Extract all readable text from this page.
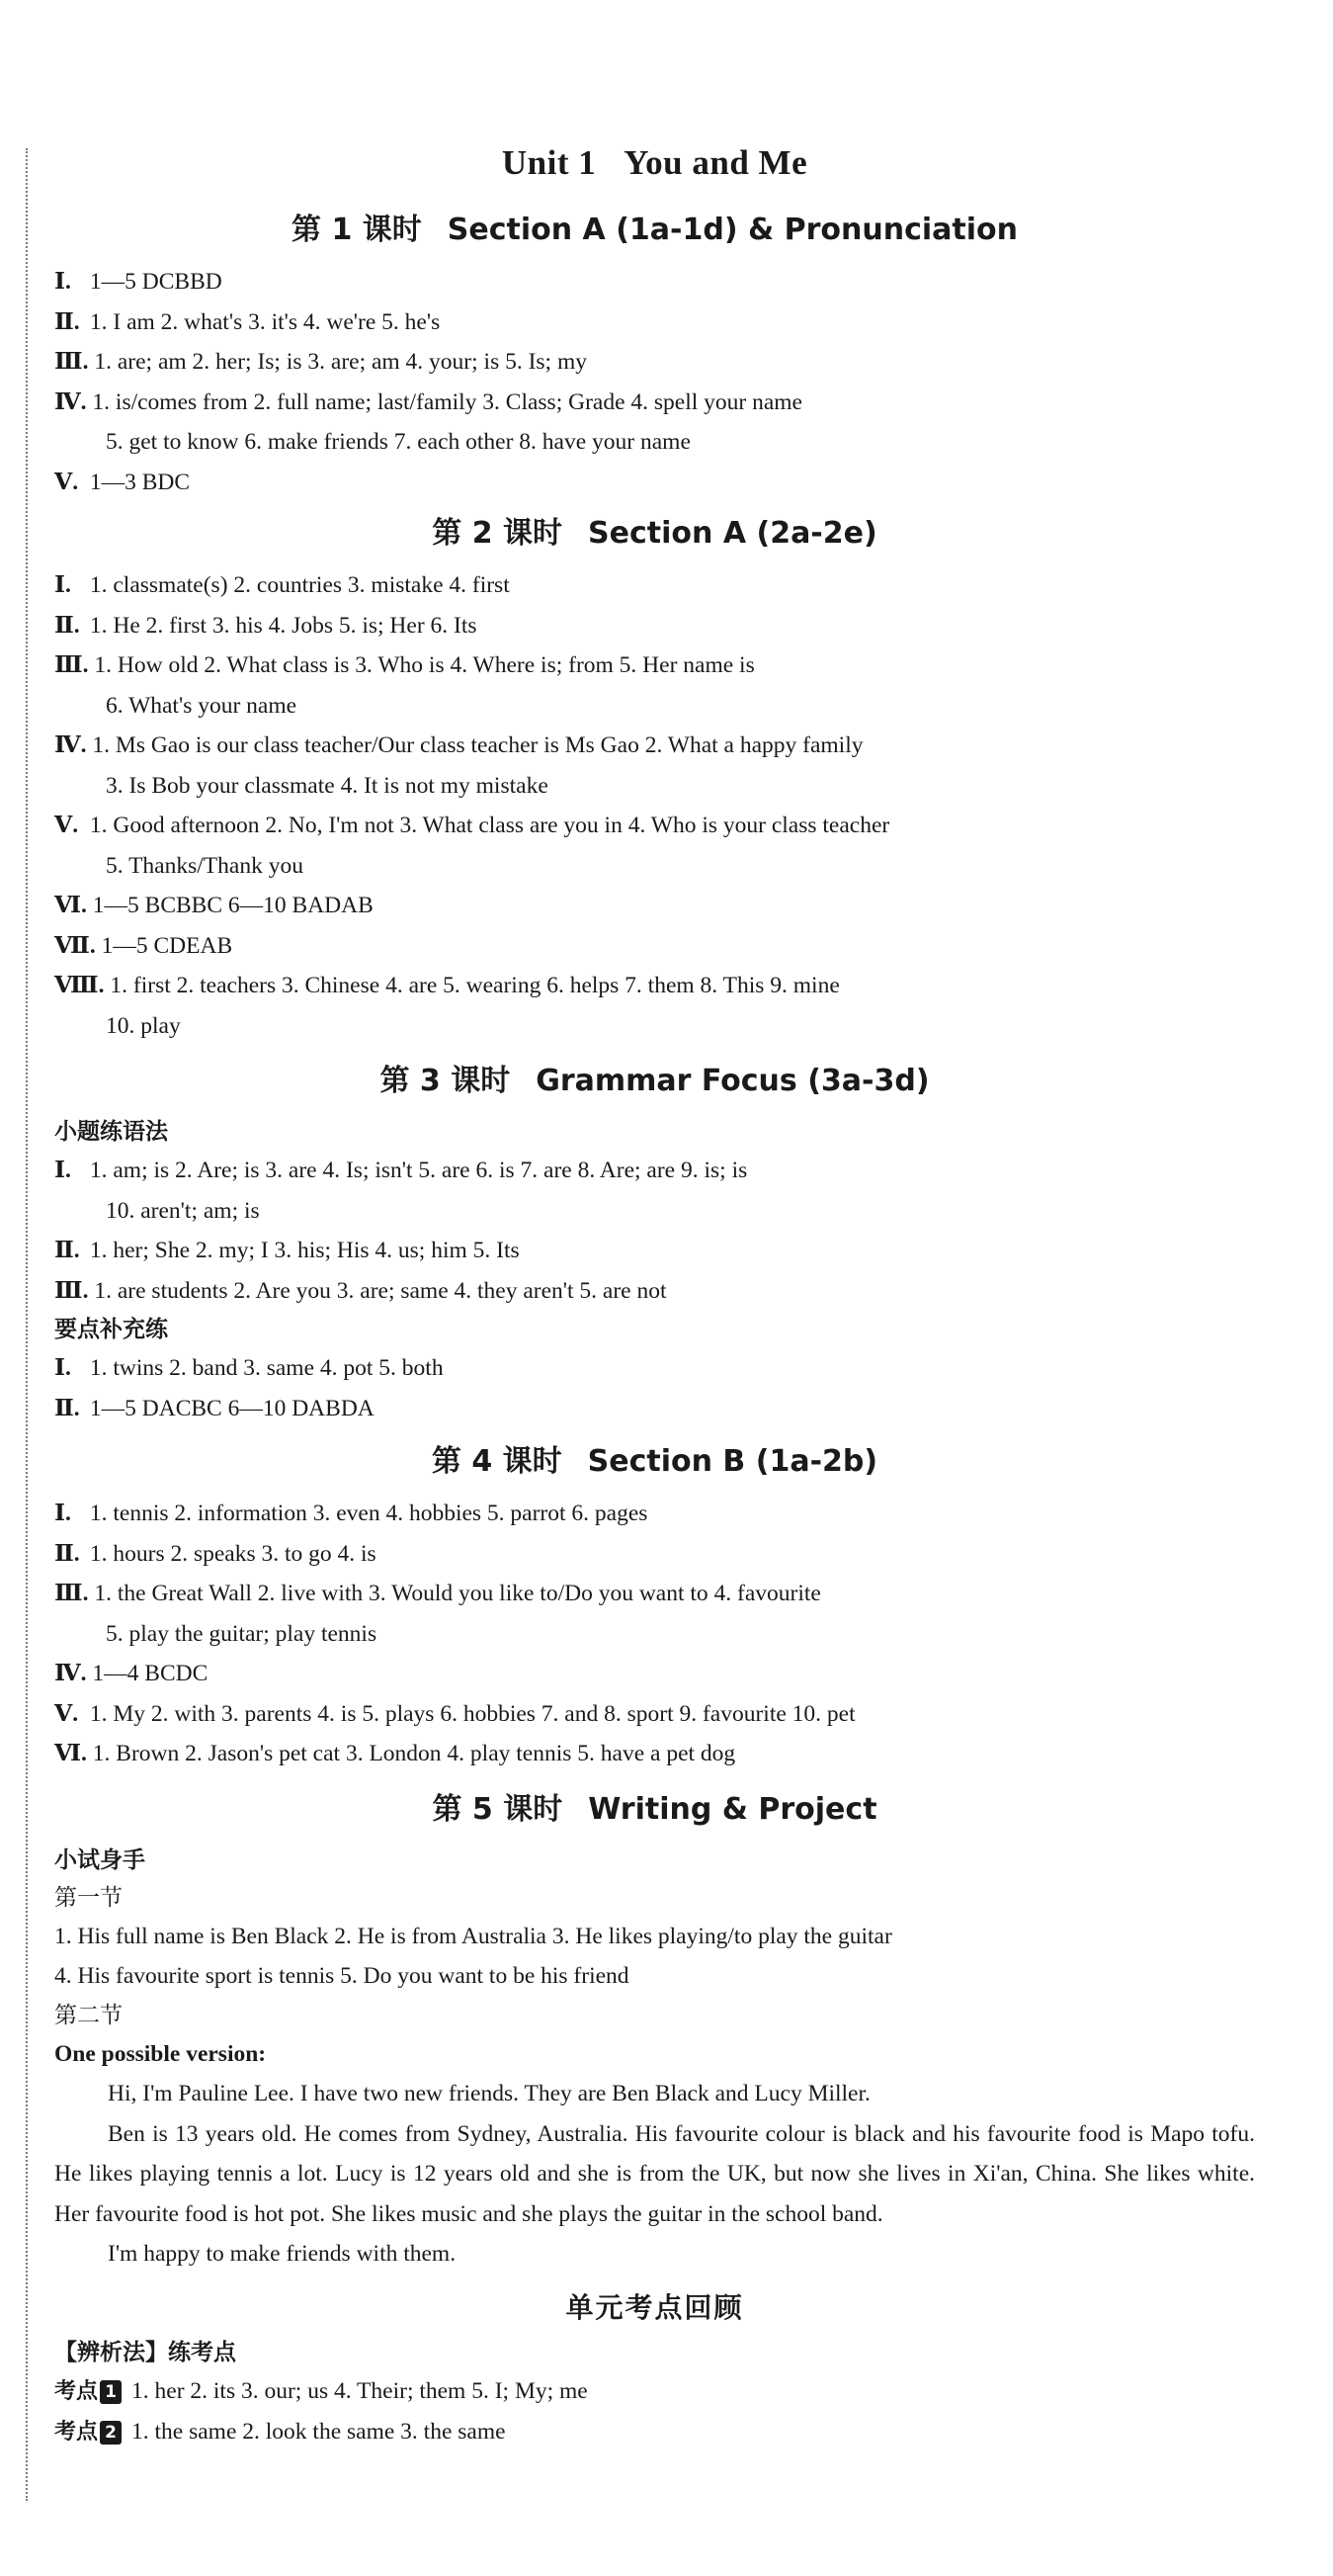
Unit 1 You and Me
第 1 课时 Section A (1a-1d) & Pronunciation
Ⅰ. 1—5 DCBBD
Ⅱ. 1. I am 2. what's 3. it's 4. we're 5. he's
Ⅲ. 1. are; am 2. her; Is; is 3. are; am 4. your; is 5. Is; my
Ⅳ. 1. is/comes from 2. full name; last/family 3. Class; Grade 4. spell your name
5. get to know 6. make friends 7. each other 8. have your name
Ⅴ. 1—3 BDC
第 2 课时 Section A (2a-2e)
Ⅰ. 1. classmate(s) 2. countries 3. mistake 4. first
Ⅱ. 1. He 2. first 3. his 4. Jobs 5. is; Her 6. Its
Ⅲ. 1. How old 2. What class is 3. Who is 4. Where is; from 5. Her name is
6. What's your name
Ⅳ. 1. Ms Gao is our class teacher/Our class teacher is Ms Gao 2. What a happy family
3. Is Bob your classmate 4. It is not my mistake
Ⅴ. 1. Good afternoon 2. No, I'm not 3. What class are you in 4. Who is your class teacher
5. Thanks/Thank you
Ⅵ. 1—5 BCBBC 6—10 BADAB
Ⅶ. 1—5 CDEAB
Ⅷ. 1. first 2. teachers 3. Chinese 4. are 5. wearing 6. helps 7. them 8. This 9. mine
10. play
第 3 课时 Grammar Focus (3a-3d)
小题练语法
Ⅰ. 1. am; is 2. Are; is 3. are 4. Is; isn't 5. are 6. is 7. are 8. Are; are 9. is; is
10. aren't; am; is
Ⅱ. 1. her; She 2. my; I 3. his; His 4. us; him 5. Its
Ⅲ. 1. are students 2. Are you 3. are; same 4. they aren't 5. are not
要点补充练
Ⅰ. 1. twins 2. band 3. same 4. pot 5. both
Ⅱ. 1—5 DACBC 6—10 DABDA
第 4 课时 Section B (1a-2b)
Ⅰ. 1. tennis 2. information 3. even 4. hobbies 5. parrot 6. pages
Ⅱ. 1. hours 2. speaks 3. to go 4. is
Ⅲ. 1. the Great Wall 2. live with 3. Would you like to/Do you want to 4. favourite
5. play the guitar; play tennis
Ⅳ. 1—4 BCDC
Ⅴ. 1. My 2. with 3. parents 4. is 5. plays 6. hobbies 7. and 8. sport 9. favourite 10. pet
Ⅵ. 1. Brown 2. Jason's pet cat 3. London 4. play tennis 5. have a pet dog
第 5 课时 Writing & Project
小试身手
第一节
1. His full name is Ben Black 2. He is from Australia 3. He likes playing/to play the guitar
4. His favourite sport is tennis 5. Do you want to be his friend
第二节
One possible version:
Hi, I'm Pauline Lee. I have two new friends. They are Ben Black and Lucy Miller.
Ben is 13 years old. He comes from Sydney, Australia. His favourite colour is black and his favourite food is Mapo tofu. He likes playing tennis a lot. Lucy is 12 years old and she is from the UK, but now she lives in Xi'an, China. She likes white. Her favourite food is hot pot. She likes music and she plays the guitar in the school band.
I'm happy to make friends with them.
单元考点回顾
【辨析法】练考点
考点 1 1. her 2. its 3. our; us 4. Their; them 5. I; My; me
考点 2 1. the same 2. look the same 3. the same
